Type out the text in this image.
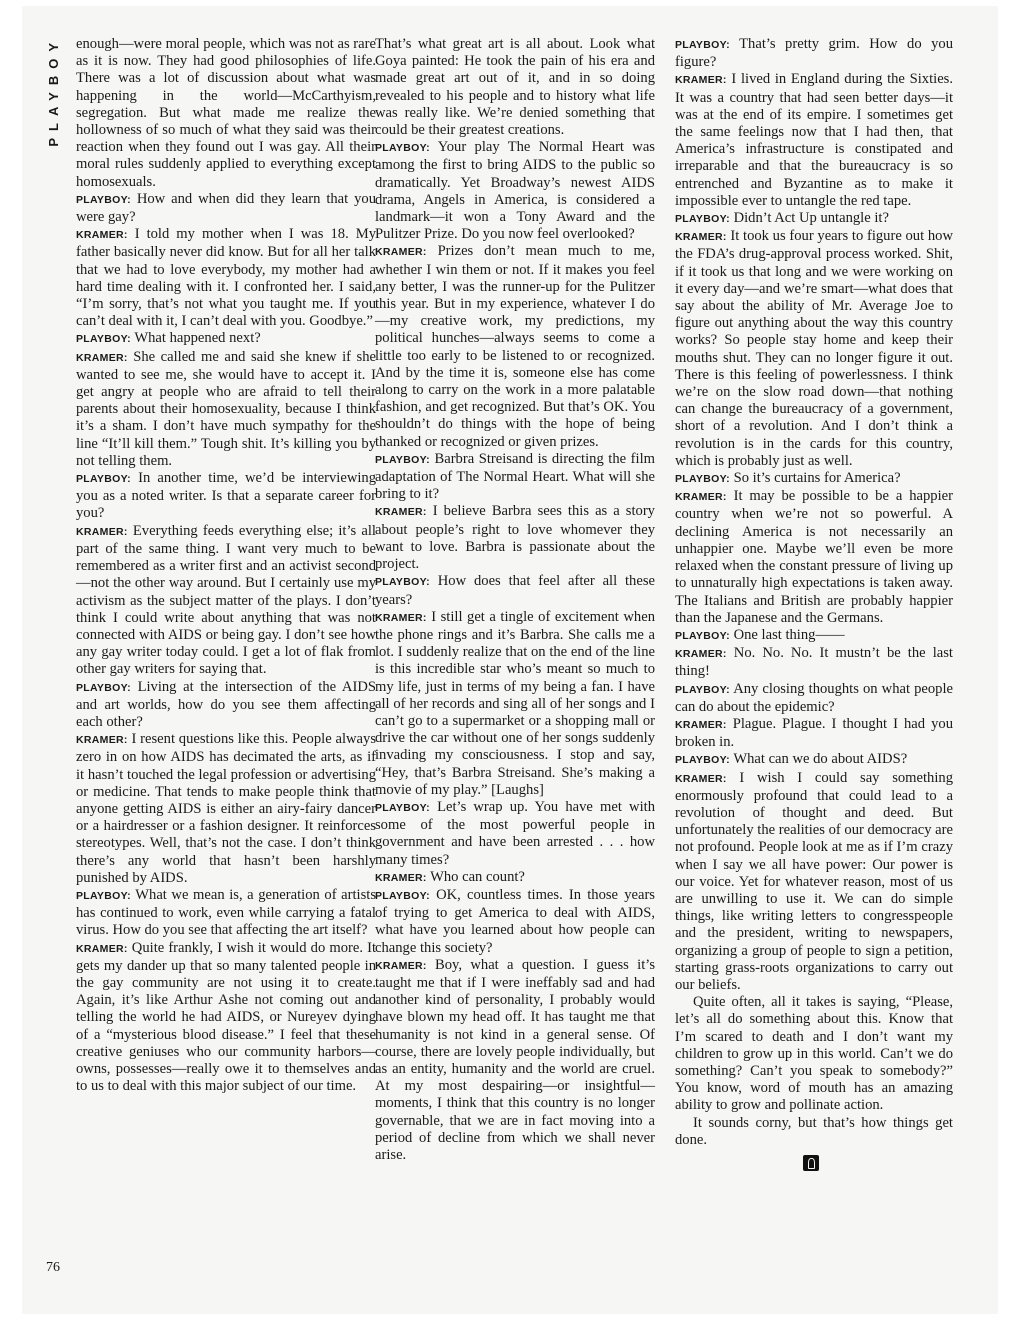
PLAYBOY
76

enough—were moral people, which was not as rare as it is now. They had good philosophies of life. There was a lot of discussion about what was happening in the world—McCarthyism, segregation. But what made me realize the hollowness of so much of what they said was their reaction when they found out I was gay. All their moral rules suddenly applied to everything except homosexuals.

PLAYBOY: How and when did they learn that you were gay?

KRAMER: I told my mother when I was 18. My father basically never did know. But for all her talk that we had to love everybody, my mother had a hard time dealing with it. I confronted her. I said, “I’m sorry, that’s not what you taught me. If you can’t deal with it, I can’t deal with you. Goodbye.”

PLAYBOY: What happened next?

KRAMER: She called me and said she knew if she wanted to see me, she would have to accept it. I get angry at people who are afraid to tell their parents about their homosexuality, because I think it’s a sham. I don’t have much sympathy for the line “It’ll kill them.” Tough shit. It’s killing you by not telling them.

PLAYBOY: In another time, we’d be interviewing you as a noted writer. Is that a separate career for you?

KRAMER: Everything feeds everything else; it’s all part of the same thing. I want very much to be remembered as a writer first and an activist second—not the other way around. But I certainly use my activism as the subject matter of the plays. I don’t think I could write about anything that was not connected with AIDS or being gay. I don’t see how any gay writer today could. I get a lot of flak from other gay writers for saying that.

PLAYBOY: Living at the intersection of the AIDS and art worlds, how do you see them affecting each other?

KRAMER: I resent questions like this. People always zero in on how AIDS has decimated the arts, as if it hasn’t touched the legal profession or advertising or medicine. That tends to make people think that anyone getting AIDS is either an airy-fairy dancer or a hairdresser or a fashion designer. It reinforces stereotypes. Well, that’s not the case. I don’t think there’s any world that hasn’t been harshly punished by AIDS.

PLAYBOY: What we mean is, a generation of artists has continued to work, even while carrying a fatal virus. How do you see that affecting the art itself?

KRAMER: Quite frankly, I wish it would do more. It gets my dander up that so many talented people in the gay community are not using it to create. Again, it’s like Arthur Ashe not coming out and telling the world he had AIDS, or Nureyev dying of a “mysterious blood disease.” I feel that these creative geniuses who our community harbors—owns, possesses—really owe it to themselves and to us to deal with this major subject of our time.

That’s what great art is all about. Look what Goya painted: He took the pain of his era and made great art out of it, and in so doing revealed to his people and to history what life was really like. We’re denied something that could be their greatest creations.

PLAYBOY: Your play The Normal Heart was among the first to bring AIDS to the public so dramatically. Yet Broadway’s newest AIDS drama, Angels in America, is considered a landmark—it won a Tony Award and the Pulitzer Prize. Do you now feel overlooked?

KRAMER: Prizes don’t mean much to me, whether I win them or not. If it makes you feel any better, I was the runner-up for the Pulitzer this year. But in my experience, whatever I do—my creative work, my predictions, my political hunches—always seems to come a little too early to be listened to or recognized. And by the time it is, someone else has come along to carry on the work in a more palatable fashion, and get recognized. But that’s OK. You shouldn’t do things with the hope of being thanked or recognized or given prizes.

PLAYBOY: Barbra Streisand is directing the film adaptation of The Normal Heart. What will she bring to it?

KRAMER: I believe Barbra sees this as a story about people’s right to love whomever they want to love. Barbra is passionate about the project.

PLAYBOY: How does that feel after all these years?

KRAMER: I still get a tingle of excitement when the phone rings and it’s Barbra. She calls me a lot. I suddenly realize that on the end of the line is this incredible star who’s meant so much to my life, just in terms of my being a fan. I have all of her records and sing all of her songs and I can’t go to a supermarket or a shopping mall or drive the car without one of her songs suddenly invading my consciousness. I stop and say, “Hey, that’s Barbra Streisand. She’s making a movie of my play.” [Laughs]

PLAYBOY: Let’s wrap up. You have met with some of the most powerful people in government and have been arrested . . . how many times?

KRAMER: Who can count?

PLAYBOY: OK, countless times. In those years of trying to get America to deal with AIDS, what have you learned about how people can change this society?

KRAMER: Boy, what a question. I guess it’s taught me that if I were ineffably sad and had another kind of personality, I probably would have blown my head off. It has taught me that humanity is not kind in a general sense. Of course, there are lovely people individually, but as an entity, humanity and the world are cruel. At my most despairing—or insightful—moments, I think that this country is no longer governable, that we are in fact moving into a period of decline from which we shall never arise.

PLAYBOY: That’s pretty grim. How do you figure?

KRAMER: I lived in England during the Sixties. It was a country that had seen better days—it was at the end of its empire. I sometimes get the same feelings now that I had then, that America’s infrastructure is constipated and irreparable and that the bureaucracy is so entrenched and Byzantine as to make it impossible ever to untangle the red tape.

PLAYBOY: Didn’t Act Up untangle it?

KRAMER: It took us four years to figure out how the FDA’s drug-approval process worked. Shit, if it took us that long and we were working on it every day—and we’re smart—what does that say about the ability of Mr. Average Joe to figure out anything about the way this country works? So people stay home and keep their mouths shut. They can no longer figure it out. There is this feeling of powerlessness. I think we’re on the slow road down—that nothing can change the bureaucracy of a government, short of a revolution. And I don’t think a revolution is in the cards for this country, which is probably just as well.

PLAYBOY: So it’s curtains for America?

KRAMER: It may be possible to be a happier country when we’re not so powerful. A declining America is not necessarily an unhappier one. Maybe we’ll even be more relaxed when the constant pressure of living up to unnaturally high expectations is taken away. The Italians and British are probably happier than the Japanese and the Germans.

PLAYBOY: One last thing——

KRAMER: No. No. No. It mustn’t be the last thing!

PLAYBOY: Any closing thoughts on what people can do about the epidemic?

KRAMER: Plague. Plague. I thought I had you broken in.

PLAYBOY: What can we do about AIDS?

KRAMER: I wish I could say something enormously profound that could lead to a revolution of thought and deed. But unfortunately the realities of our democracy are not profound. People look at me as if I’m crazy when I say we all have power: Our power is our voice. Yet for whatever reason, most of us are unwilling to use it. We can do simple things, like writing letters to congresspeople and the president, writing to newspapers, organizing a group of people to sign a petition, starting grass-roots organizations to carry out our beliefs.

Quite often, all it takes is saying, “Please, let’s all do something about this. Know that I’m scared to death and I don’t want my children to grow up in this world. Can’t we do something? Can’t you speak to somebody?” You know, word of mouth has an amazing ability to grow and pollinate action.

It sounds corny, but that’s how things get done.
